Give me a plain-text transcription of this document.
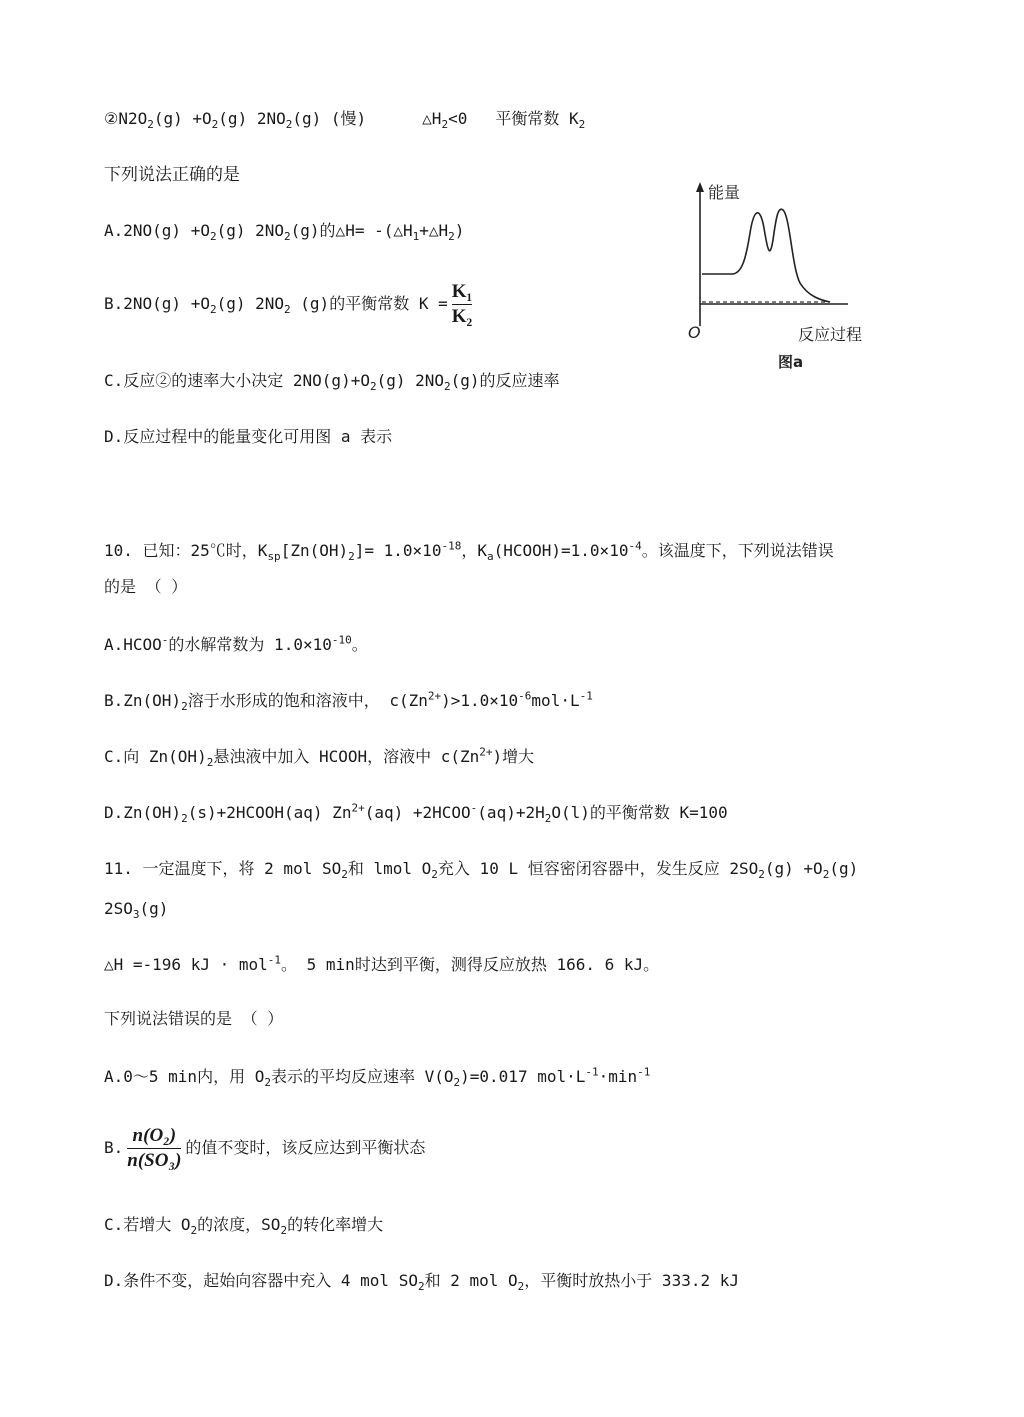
$②N2O_2(g) +O_2(g)$ $2NO_2(g)$ (慢)	$\triangle H_2<0$ 平衡常数 $K_2$
下列说法正确的是
$A.2NO(g) +O_2(g)$ $2NO_2(g)$的△H= $-(\triangle H_1+\triangle H_2)$
$B.2NO(g) +O_2(g)$ $2NO_2$ (g)的平衡常数 $K = \frac{\text{K₁}}{\text{K₂}}$
C.反应②的速率大小决定 $2NO(g)+O_2(g)$ $2NO_2(g)$的反应速率
D.反应过程中的能量变化可用图 a 表示
能量
O	反应过程
图a
10. 已知：25℃时，$K_{sp}[Zn(OH)_2]= 1.0\times 10^{-18}$，$K_a(HCOOH)=1.0\times 10^{-4}$。该温度下，下列说法错误
的是 （ ）
A.HCOO-的水解常数为 $1.0\times 10^{-10}$。
$B.Zn(OH)_2$溶于水形成的饱和溶液中， $c(Zn^{2+})>1.0\times 10^{-6}mol\cdot L^{-1}$
C.向 $Zn(OH)_2$悬浊液中加入 HCOOH，溶液中 $c(Zn^{2+})$增大
$D.Zn(OH)_2(s)+2HCOOH(aq)$ $Zn^{2+}(aq)$ $+2HCOO^-(aq)+2H_2O(l)$的平衡常数 K=100
11. 一定温度下，将 2 mol $SO_2$和 lmol $O_2$充入 10 L 恒容密闭容器中，发生反应 $2SO_2(g) +O_2(g)$
$2SO_3(g)$
△H =-196 kJ · mol$^{-1}$。 5 min时达到平衡，测得反应放热 166. 6 kJ。
下列说法错误的是 （ ）
A.0～5 min内，用 $O_2$表示的平均反应速率 $V(O_2)=0.017$ $mol\cdot L^{-1}\cdot\min^{-1}$
B. $\frac{\text{n(O₂)}}{\text{n(SO₃)}}$ 的值不变时，该反应达到平衡状态
C.若增大 $O_2$的浓度，$SO_2$的转化率增大
D.条件不变，起始向容器中充入 4 mol $SO_2$和 2 mol $O_2$，平衡时放热小于 333.2 kJ
